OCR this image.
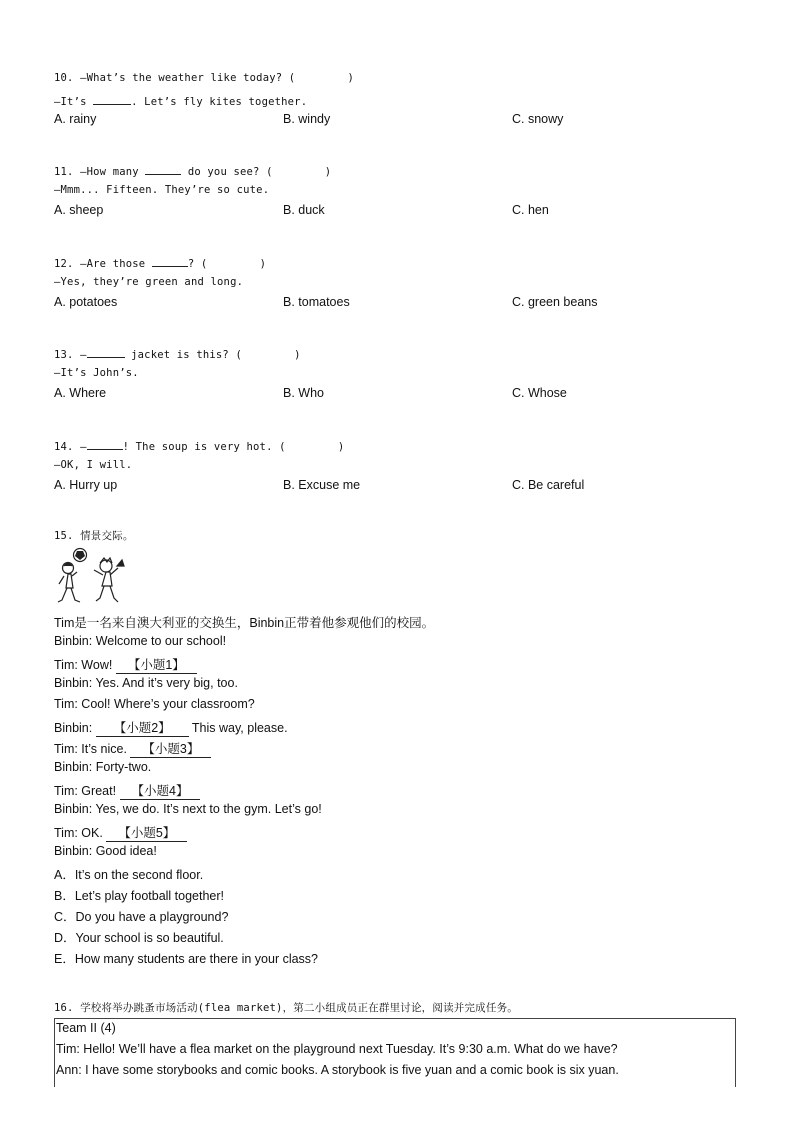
10. —What’s the weather like today? (        )
—It’s	. Let’s fly kites together.
A. rainy	B. windy	C. snowy
11. —How many	do you see? (        )
—Mmm... Fifteen. They’re so cute.
A. sheep	B. duck	C. hen
12. —Are those	? (        )
—Yes, they’re green and long.
A. potatoes	B. tomatoes	C. green beans
13. —	jacket is this? (        )
—It’s John’s.
A. Where	B. Who	C. Whose
14. —	! The soup is very hot. (        )
—OK, I will.
A. Hurry up	B. Excuse me	C. Be careful
15. 情景交际。
Tim是一名来自澳大利亚的交换生，Binbin正带着他参观他们的校园。
Binbin: Welcome to our school!
Tim: Wow! 【小题1】
Binbin: Yes. And it’s very big, too.
Tim: Cool! Where’s your classroom?
Binbin: 【小题2】 This way, please.
Tim: It’s nice. 【小题3】
Binbin: Forty-two.
Tim: Great! 【小题4】
Binbin: Yes, we do. It’s next to the gym. Let’s go!
Tim: OK. 【小题5】
Binbin: Good idea!
A．It’s on the second floor.
B．Let’s play football together!
C．Do you have a playground?
D．Your school is so beautiful.
E．How many students are there in your class?
16. 学校将举办跳蚤市场活动(flea market)，第二小组成员正在群里讨论，阅读并完成任务。
Team II (4)
Tim: Hello! We’ll have a flea market on the playground next Tuesday. It’s 9:30 a.m. What do we have?
Ann: I have some storybooks and comic books. A storybook is five yuan and a comic book is six yuan.
